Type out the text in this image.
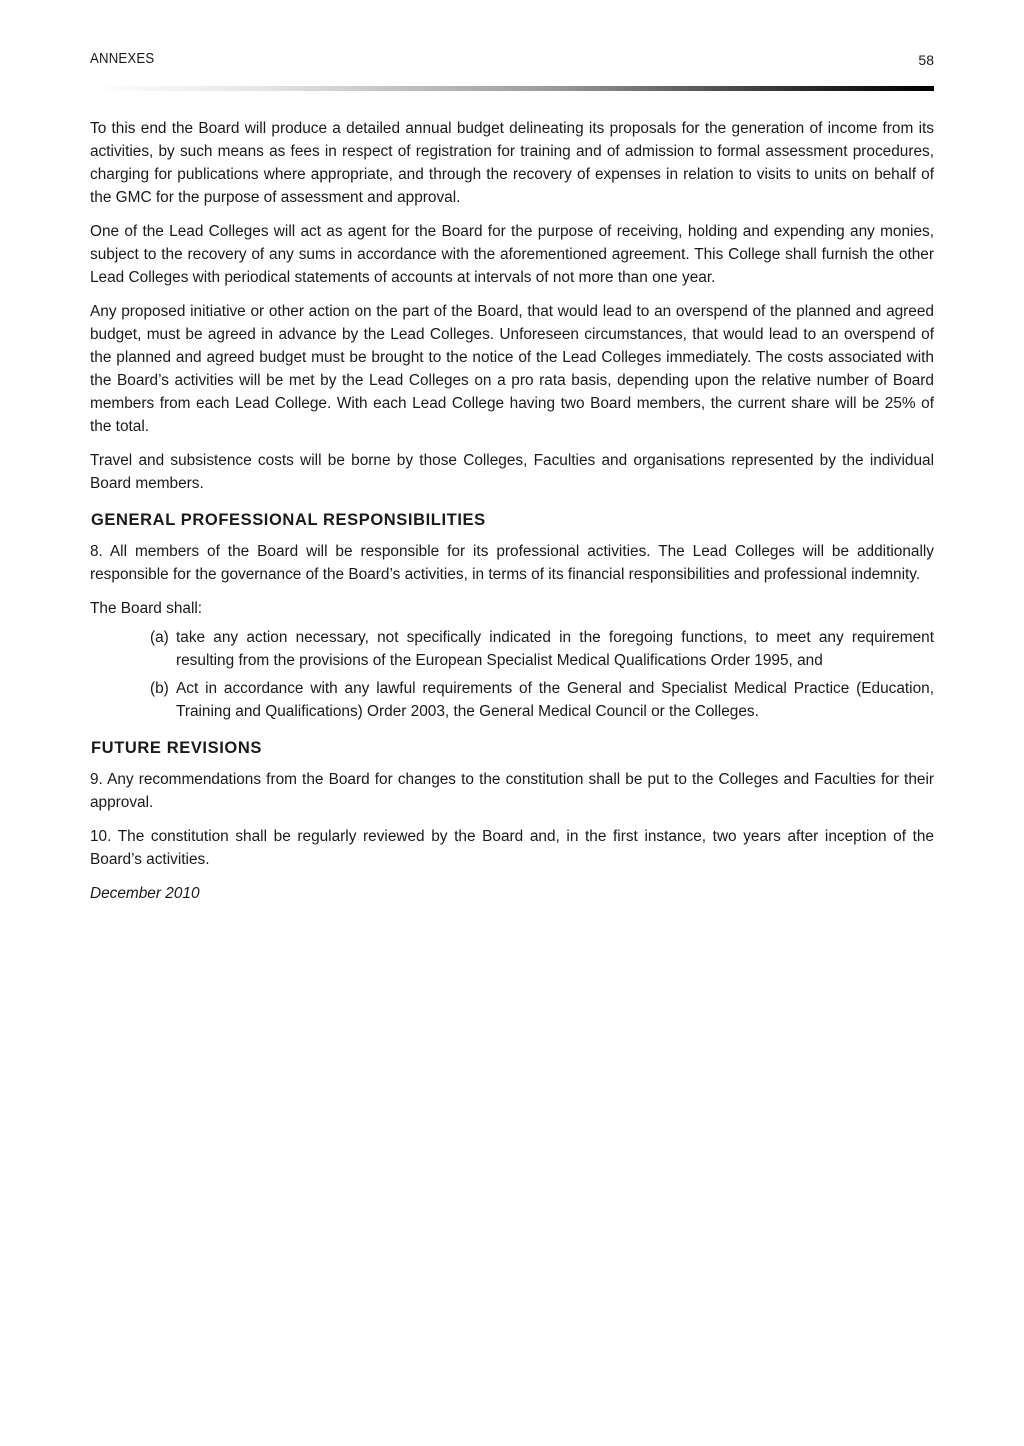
ANNEXES	58

To this end the Board will produce a detailed annual budget delineating its proposals for the generation of income from its activities, by such means as fees in respect of registration for training and of admission to formal assessment procedures, charging for publications where appropriate, and through the recovery of expenses in relation to visits to units on behalf of the GMC for the purpose of assessment and approval.

One of the Lead Colleges will act as agent for the Board for the purpose of receiving, holding and expending any monies, subject to the recovery of any sums in accordance with the aforementioned agreement. This College shall furnish the other Lead Colleges with periodical statements of accounts at intervals of not more than one year.

Any proposed initiative or other action on the part of the Board, that would lead to an overspend of the planned and agreed budget, must be agreed in advance by the Lead Colleges. Unforeseen circumstances, that would lead to an overspend of the planned and agreed budget must be brought to the notice of the Lead Colleges immediately. The costs associated with the Board’s activities will be met by the Lead Colleges on a pro rata basis, depending upon the relative number of Board members from each Lead College. With each Lead College having two Board members, the current share will be 25% of the total.

Travel and subsistence costs will be borne by those Colleges, Faculties and organisations represented by the individual Board members.

GENERAL PROFESSIONAL RESPONSIBILITIES

8. All members of the Board will be responsible for its professional activities. The Lead Colleges will be additionally responsible for the governance of the Board’s activities, in terms of its financial responsibilities and professional indemnity.

The Board shall:

(a) take any action necessary, not specifically indicated in the foregoing functions, to meet any requirement resulting from the provisions of the European Specialist Medical Qualifications Order 1995, and
(b) Act in accordance with any lawful requirements of the General and Specialist Medical Practice (Education, Training and Qualifications) Order 2003, the General Medical Council or the Colleges.
FUTURE REVISIONS

9. Any recommendations from the Board for changes to the constitution shall be put to the Colleges and Faculties for their approval.

10. The constitution shall be regularly reviewed by the Board and, in the first instance, two years after inception of the Board’s activities.

December 2010
